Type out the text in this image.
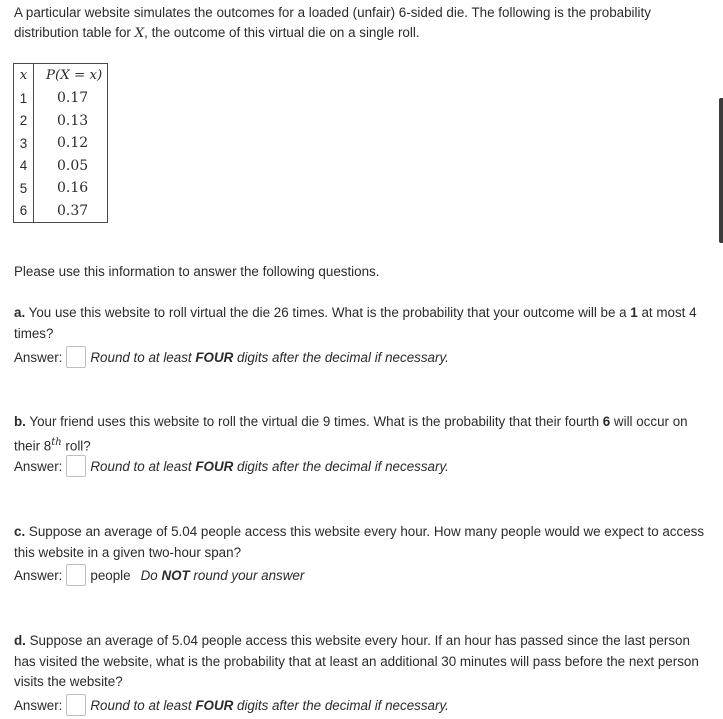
A particular website simulates the outcomes for a loaded (unfair) 6-sided die. The following is the probability distribution table for X, the outcome of this virtual die on a single roll.
x	P(X = x)
1	0.17
2	0.13
3	0.12
4	0.05
5	0.16
6	0.37
Please use this information to answer the following questions.
a. You use this website to roll virtual the die 26 times. What is the probability that your outcome will be a 1 at most 4 times?
Answer: Round to at least FOUR digits after the decimal if necessary.
b. Your friend uses this website to roll the virtual die 9 times. What is the probability that their fourth 6 will occur on their 8th roll?
Answer: Round to at least FOUR digits after the decimal if necessary.
c. Suppose an average of 5.04 people access this website every hour. How many people would we expect to access this website in a given two-hour span?
Answer: people Do NOT round your answer
d. Suppose an average of 5.04 people access this website every hour. If an hour has passed since the last person has visited the website, what is the probability that at least an additional 30 minutes will pass before the next person visits the website?
Answer: Round to at least FOUR digits after the decimal if necessary.
